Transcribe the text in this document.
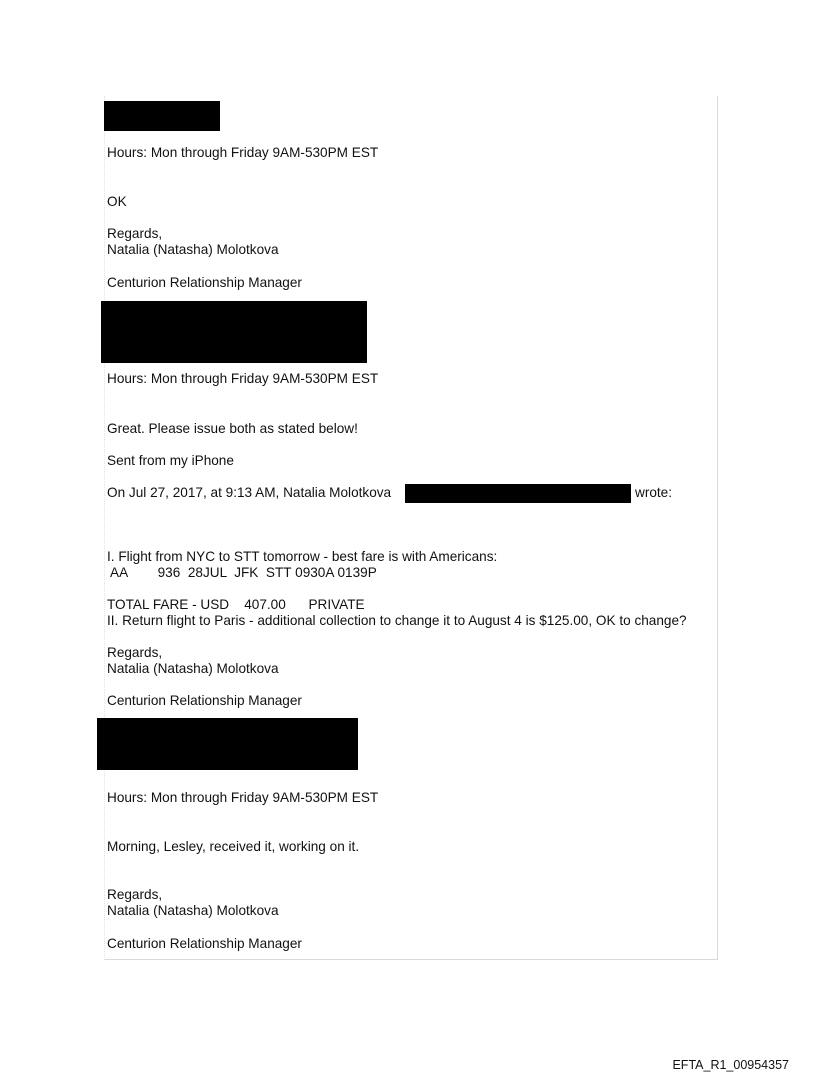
Hours: Mon through Friday 9AM-530PM EST
OK
Regards,
Natalia (Natasha) Molotkova
Centurion Relationship Manager
Hours: Mon through Friday 9AM-530PM EST
Great. Please issue both as stated below!
Sent from my iPhone
On Jul 27, 2017, at 9:13 AM, Natalia Molotkova	wrote:
I. Flight from NYC to STT tomorrow - best fare is with Americans:
AA        936  28JUL  JFK  STT 0930A 0139P
TOTAL FARE - USD    407.00      PRIVATE
II. Return flight to Paris - additional collection to change it to August 4 is $125.00, OK to change?
Regards,
Natalia (Natasha) Molotkova
Centurion Relationship Manager
Hours: Mon through Friday 9AM-530PM EST
Morning, Lesley, received it, working on it.
Regards,
Natalia (Natasha) Molotkova
Centurion Relationship Manager
EFTA_R1_00954357
